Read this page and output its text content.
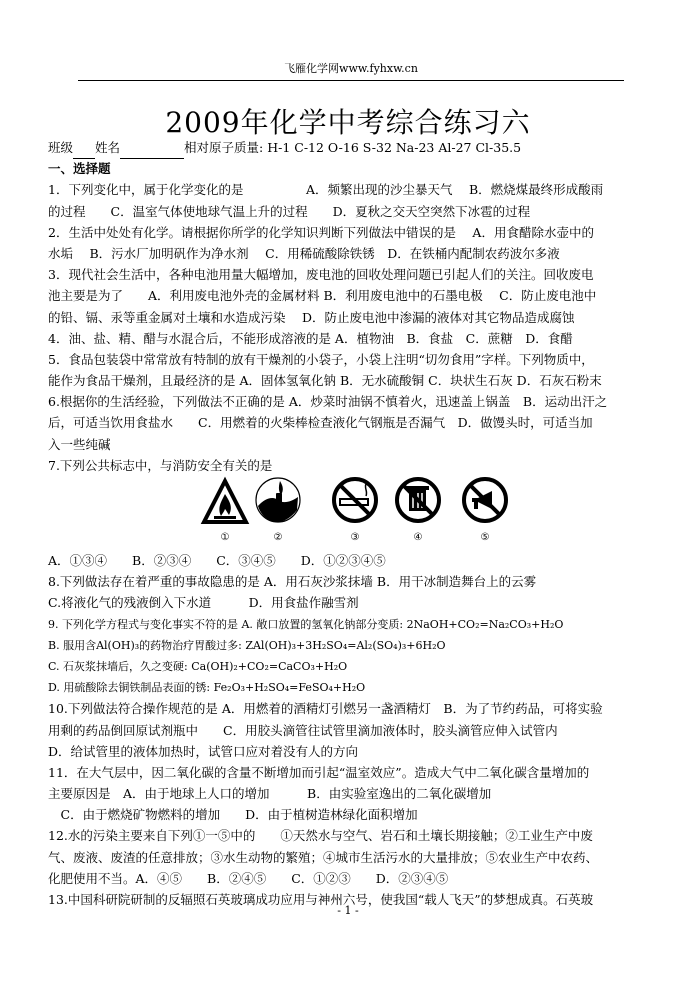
飞雁化学网www.fyhxw.cn
2009年化学中考综合练习六
班级 姓名	相对原子质量: H-1 C-12 O-16 S-32 Na-23 Al-27 Cl-35.5
一、选择题
1．下列变化中，属于化学变化的是　　　　　A．频繁出现的沙尘暴天气　 B．燃烧煤最终形成酸雨
的过程　　C．温室气体使地球气温上升的过程　　D．夏秋之交天空突然下冰雹的过程
2．生活中处处有化学。请根据你所学的化学知识判断下列做法中错误的是　 A．用食醋除水壶中的
水垢　 B．污水厂加明矾作为净水剂　 C．用稀硫酸除铁锈　D．在铁桶内配制农药波尔多液
3．现代社会生活中，各种电池用量大幅增加，废电池的回收处理问题已引起人们的关注。回收废电
池主要是为了　　A．利用废电池外壳的金属材料 B．利用废电池中的石墨电极　 C．防止废电池中
的铅、镉、汞等重金属对土壤和水造成污染　 D．防止废电池中渗漏的液体对其它物品造成腐蚀
4．油、盐、精、醋与水混合后，不能形成溶液的是 A．植物油　B．食盐　C．蔗糖　D．食醋
5．食品包装袋中常常放有特制的放有干燥剂的小袋子，小袋上注明“切勿食用”字样。下列物质中，
能作为食品干燥剂，且最经济的是 A．固体氢氧化钠 B．无水硫酸铜 C．块状生石灰 D．石灰石粉末
6.根据你的生活经验，下列做法不正确的是 A．炒菜时油锅不慎着火，迅速盖上锅盖　B．运动出汗之
后，可适当饮用食盐水　　C．用燃着的火柴棒检查液化气钢瓶是否漏气　D．做馒头时，可适当加
入一些纯碱
7.下列公共标志中，与消防安全有关的是
①	②	③	④	⑤
A．①③④　　B．②③④　　C．③④⑤　　D．①②③④⑤
8.下列做法存在着严重的事故隐患的是 A．用石灰沙浆抹墙 B．用干冰制造舞台上的云雾
C.将液化气的残液倒入下水道　　　D．用食盐作融雪剂
9. 下列化学方程式与变化事实不符的是 A. 敞口放置的氢氧化钠部分变质: 2NaOH+CO₂=Na₂CO₃+H₂O
B. 服用含Al(OH)₃的药物治疗胃酸过多: ZAl(OH)₃+3H₂SO₄=Al₂(SO₄)₃+6H₂O
C. 石灰浆抹墙后，久之变硬: Ca(OH)₂+CO₂=CaCO₃+H₂O
D. 用硫酸除去铜铁制品表面的锈: Fe₂O₃+H₂SO₄=FeSO₄+H₂O
10.下列做法符合操作规范的是 A．用燃着的酒精灯引燃另一盏酒精灯　B．为了节约药品，可将实验
用剩的药品倒回原试剂瓶中　　C．用胶头滴管往试管里滴加液体时，胶头滴管应伸入试管内
D．给试管里的液体加热时，试管口应对着没有人的方向
11．在大气层中，因二氧化碳的含量不断增加而引起“温室效应”。造成大气中二氧化碳含量增加的
主要原因是　A．由于地球上人口的增加　　　B．由实验室逸出的二氧化碳增加
　C．由于燃烧矿物燃料的增加　　D．由于植树造林绿化面积增加
12.水的污染主要来自下列①一⑤中的　　①天然水与空气、岩石和土壤长期接触；②工业生产中废
气、废液、废渣的任意排放；③水生动物的繁殖；④城市生活污水的大量排放；⑤农业生产中农药、
化肥使用不当。A．④⑤　　B．②④⑤　　C．①②③　　D．②③④⑤
13.中国科研院研制的反辐照石英玻璃成功应用与神州六号，使我国“载人飞天”的梦想成真。石英玻
- 1 -
